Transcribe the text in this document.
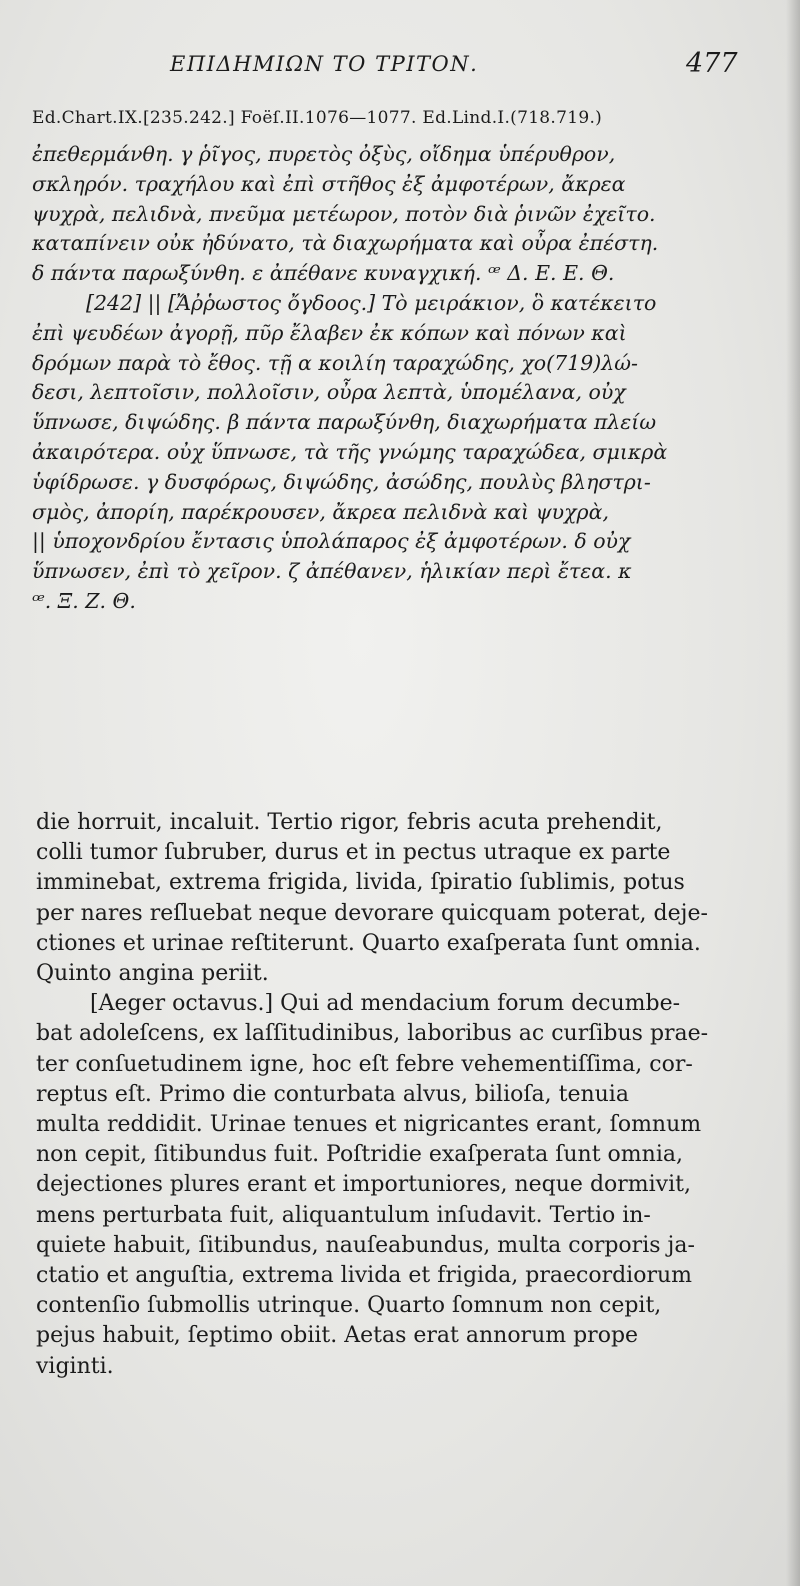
ΕΠΙΔΗΜΙΩΝ ΤΟ ΤΡΙΤΟΝ.	477
Ed.Chart.IX.[235.242.] Foëſ.II.1076—1077. Ed.Lind.I.(718.719.)
ἐπεθερμάνθη. γ ῥῖγος, πυρετὸς ὀξὺς, οἴδημα ὑπέρυθρον,
σκληρόν. τραχήλου καὶ ἐπὶ στῆθος ἐξ ἀμφοτέρων, ἄκρεα
ψυχρὰ, πελιδνὰ, πνεῦμα μετέωρον, ποτὸν διὰ ῥινῶν ἐχεῖτο.
καταπίνειν οὐκ ἠδύνατο, τὰ διαχωρήματα καὶ οὖρα ἐπέστη.
δ πάντα παρωξύνθη. ε ἀπέθανε κυναγχική. ꟹ Δ. Ε. Ε. Θ.
[242] || [Ἄῤῥωστος ὄγδοος.] Τὸ μειράκιον, ὃ κατέκειτο
ἐπὶ ψευδέων ἀγορῇ, πῦρ ἔλαβεν ἐκ κόπων καὶ πόνων καὶ
δρόμων παρὰ τὸ ἔθος. τῇ α κοιλίη ταραχώδης, χο(719)λώ-
δεσι, λεπτοῖσιν, πολλοῖσιν, οὖρα λεπτὰ, ὑπομέλανα, οὐχ
ὕπνωσε, διψώδης. β πάντα παρωξύνθη, διαχωρήματα πλείω
ἀκαιρότερα. οὐχ ὕπνωσε, τὰ τῆς γνώμης ταραχώδεα, σμικρὰ
ὑφίδρωσε. γ δυσφόρως, διψώδης, ἀσώδης, πουλὺς βληστρι-
σμὸς, ἀπορίη, παρέκρουσεν, ἄκρεα πελιδνὰ καὶ ψυχρὰ,
|| ὑποχονδρίου ἔντασις ὑπολάπαρος ἐξ ἀμφοτέρων. δ οὐχ
ὕπνωσεν, ἐπὶ τὸ χεῖρον. ζ ἀπέθανεν, ἡλικίαν περὶ ἔτεα. κ
ꟹ. Ξ. Ζ. Θ.
die horruit, incaluit. Tertio rigor, febris acuta prehendit,
colli tumor ſubruber, durus et in pectus utraque ex parte
imminebat, extrema frigida, livida, ſpiratio ſublimis, potus
per nares reſluebat neque devorare quicquam poterat, deje-
ctiones et urinae reſtiterunt. Quarto exaſperata ſunt omnia.
Quinto angina periit.
[Aeger octavus.] Qui ad mendacium forum decumbe-
bat adoleſcens, ex laſſitudinibus, laboribus ac curſibus prae-
ter conſuetudinem igne, hoc eſt febre vehementiſſima, cor-
reptus eſt. Primo die conturbata alvus, bilioſa, tenuia
multa reddidit. Urinae tenues et nigricantes erant, ſomnum
non cepit, ſitibundus fuit. Poſtridie exaſperata ſunt omnia,
dejectiones plures erant et importuniores, neque dormivit,
mens perturbata fuit, aliquantulum inſudavit. Tertio in-
quiete habuit, ſitibundus, nauſeabundus, multa corporis ja-
ctatio et anguſtia, extrema livida et frigida, praecordiorum
contenſio ſubmollis utrinque. Quarto ſomnum non cepit,
pejus habuit, ſeptimo obiit. Aetas erat annorum prope
viginti.
